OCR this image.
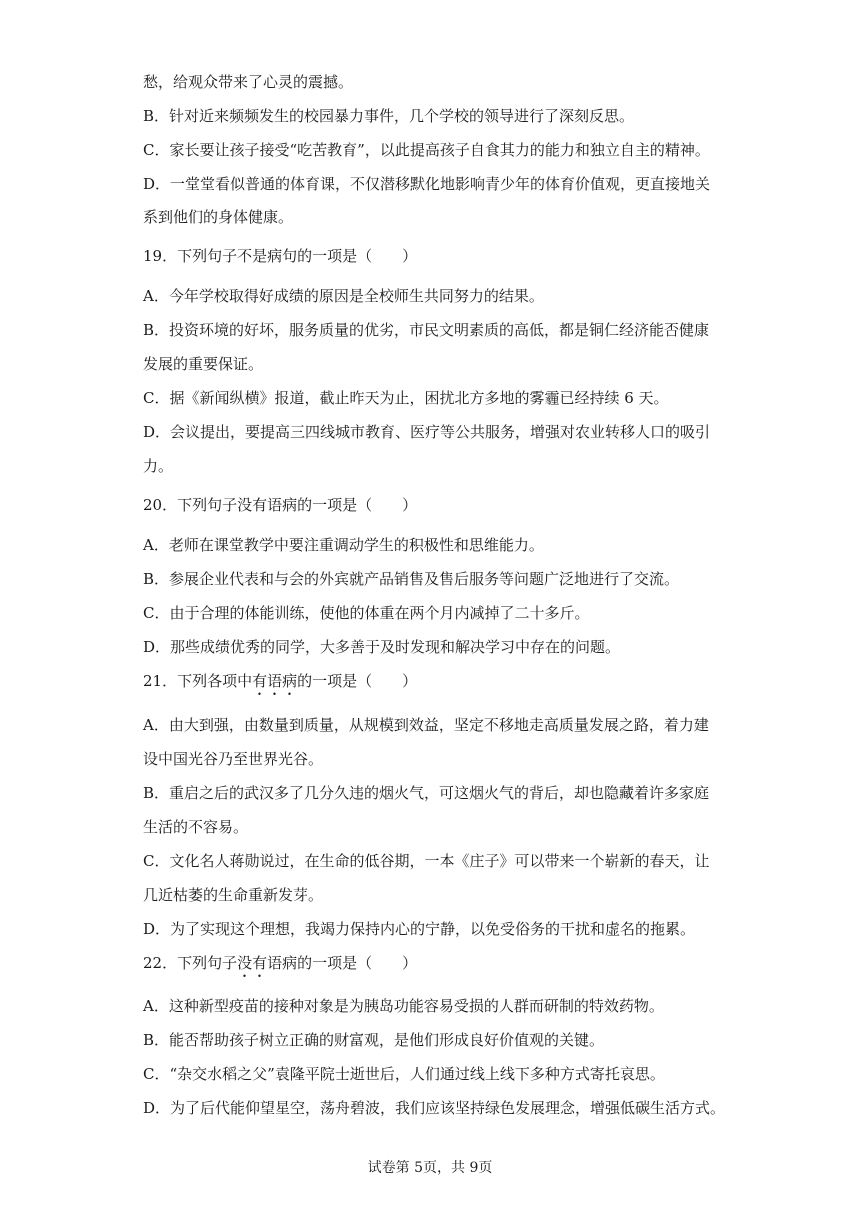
愁，给观众带来了心灵的震撼。
B．针对近来频频发生的校园暴力事件，几个学校的领导进行了深刻反思。
C．家长要让孩子接受“吃苦教育”，以此提高孩子自食其力的能力和独立自主的精神。
D．一堂堂看似普通的体育课，不仅潜移默化地影响青少年的体育价值观，更直接地关
系到他们的身体健康。
19．下列句子不是病句的一项是（　　）
A．今年学校取得好成绩的原因是全校师生共同努力的结果。
B．投资环境的好坏，服务质量的优劣，市民文明素质的高低，都是铜仁经济能否健康
发展的重要保证。
C．据《新闻纵横》报道，截止昨天为止，困扰北方多地的雾霾已经持续 6 天。
D．会议提出，要提高三四线城市教育、医疗等公共服务，增强对农业转移人口的吸引
力。
20．下列句子没有语病的一项是（　　）
A．老师在课堂教学中要注重调动学生的积极性和思维能力。
B．参展企业代表和与会的外宾就产品销售及售后服务等问题广泛地进行了交流。
C．由于合理的体能训练，使他的体重在两个月内减掉了二十多斤。
D．那些成绩优秀的同学，大多善于及时发现和解决学习中存在的问题。
21．下列各项中有语病的一项是（　　）
A．由大到强，由数量到质量，从规模到效益，坚定不移地走高质量发展之路，着力建
设中国光谷乃至世界光谷。
B．重启之后的武汉多了几分久违的烟火气，可这烟火气的背后，却也隐藏着许多家庭
生活的不容易。
C．文化名人蒋勋说过，在生命的低谷期，一本《庄子》可以带来一个崭新的春天，让
几近枯萎的生命重新发芽。
D．为了实现这个理想，我竭力保持内心的宁静，以免受俗务的干扰和虚名的拖累。
22．下列句子没有语病的一项是（　　）
A．这种新型疫苗的接种对象是为胰岛功能容易受损的人群而研制的特效药物。
B．能否帮助孩子树立正确的财富观，是他们形成良好价值观的关键。
C．“杂交水稻之父”袁隆平院士逝世后，人们通过线上线下多种方式寄托哀思。
D．为了后代能仰望星空，荡舟碧波，我们应该坚持绿色发展理念，增强低碳生活方式。
试卷第 5页，共 9页
